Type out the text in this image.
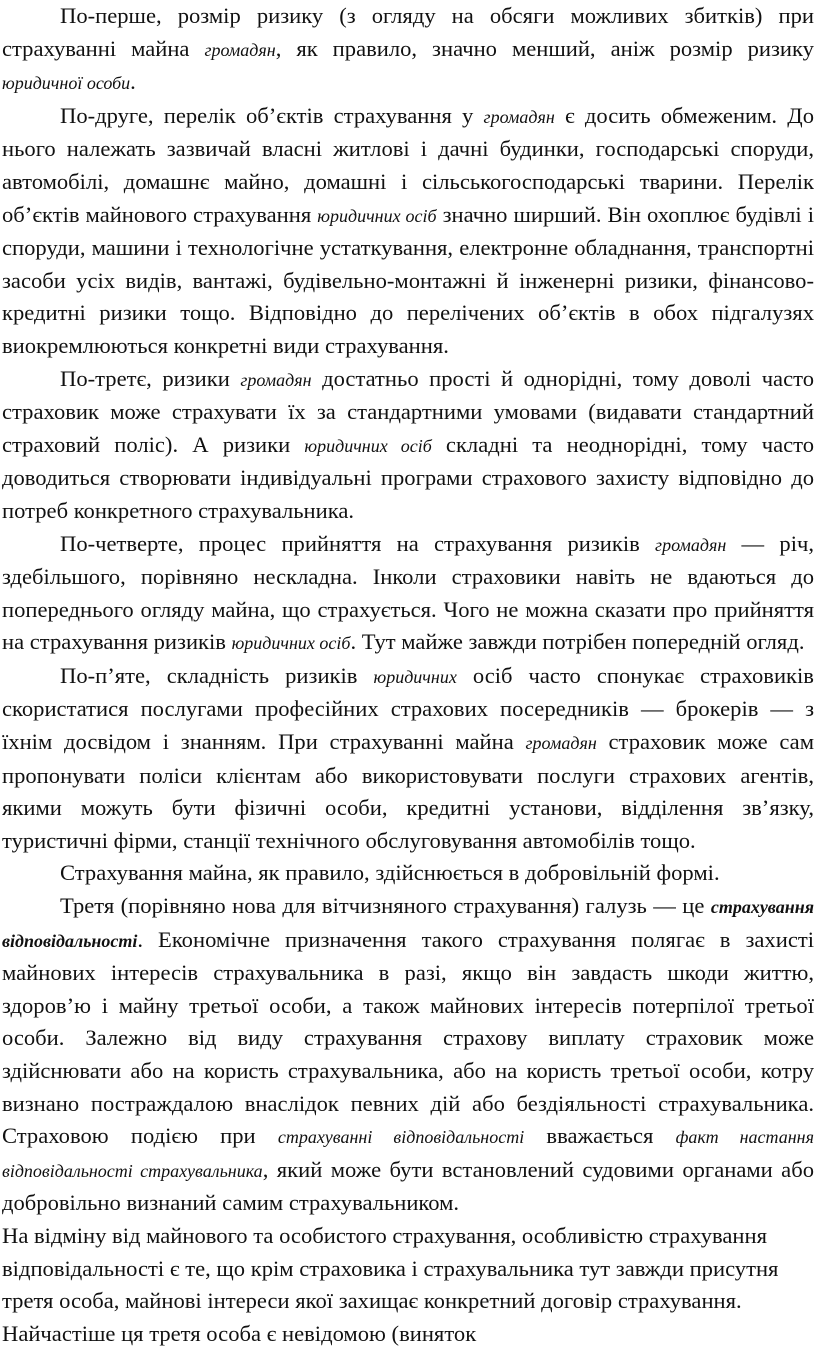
По-перше, розмір ризику (з огляду на обсяги можливих збитків) при страхуванні майна громадян, як правило, значно менший, аніж розмір ризику юридичної особи.

По-друге, перелік об’єктів страхування у громадян є досить обмеженим. До нього належать зазвичай власні житлові і дачні будинки, господарські споруди, автомобілі, домашнє майно, домашні і сільськогосподарські тварини. Перелік об’єктів майнового страхування юридичних осіб значно ширший. Він охоплює будівлі і споруди, машини і технологічне устаткування, електронне обладнання, транспортні засоби усіх видів, вантажі, будівельно-монтажні й інженерні ризики, фінансово-кредитні ризики тощо. Відповідно до перелічених об’єктів в обох підгалузях виокремлюються конкретні види страхування.

По-третє, ризики громадян достатньо прості й однорідні, тому доволі часто страховик може страхувати їх за стандартними умовами (видавати стандартний страховий поліс). А ризики юридичних осіб складні та неоднорідні, тому часто доводиться створювати індивідуальні програми страхового захисту відповідно до потреб конкретного страхувальника.

По-четверте, процес прийняття на страхування ризиків громадян — річ, здебільшого, порівняно нескладна. Інколи страховики навіть не вдаються до попереднього огляду майна, що страхується. Чого не можна сказати про прийняття на страхування ризиків юридичних осіб. Тут майже завжди потрібен попередній огляд.

По-п’яте, складність ризиків юридичних осіб часто спонукає страховиків скористатися послугами професійних страхових посередників — брокерів — з їхнім досвідом і знанням. При страхуванні майна громадян страховик може сам пропонувати поліси клієнтам або використовувати послуги страхових агентів, якими можуть бути фізичні особи, кредитні установи, відділення зв’язку, туристичні фірми, станції технічного обслуговування автомобілів тощо.

Страхування майна, як правило, здійснюється в добровільній формі.

Третя (порівняно нова для вітчизняного страхування) галузь — це страхування відповідальності. Економічне призначення такого страхування полягає в захисті майнових інтересів страхувальника в разі, якщо він завдасть шкоди життю, здоров’ю і майну третьої особи, а також майнових інтересів потерпілої третьої особи. Залежно від виду страхування страхову виплату страховик може здійснювати або на користь страхувальника, або на користь третьої особи, котру визнано постраждалою внаслідок певних дій або бездіяльності страхувальника. Страховою подією при страхуванні відповідальності вважається факт настання відповідальності страхувальника, який може бути встановлений судовими органами або добровільно визнаний самим страхувальником.

На відміну від майнового та особистого страхування, особливістю страхування відповідальності є те, що крім страховика і страхувальника тут завжди присутня третя особа, майнові інтереси якої захищає конкретний договір страхування. Найчастіше ця третя особа є невідомою (виняток
